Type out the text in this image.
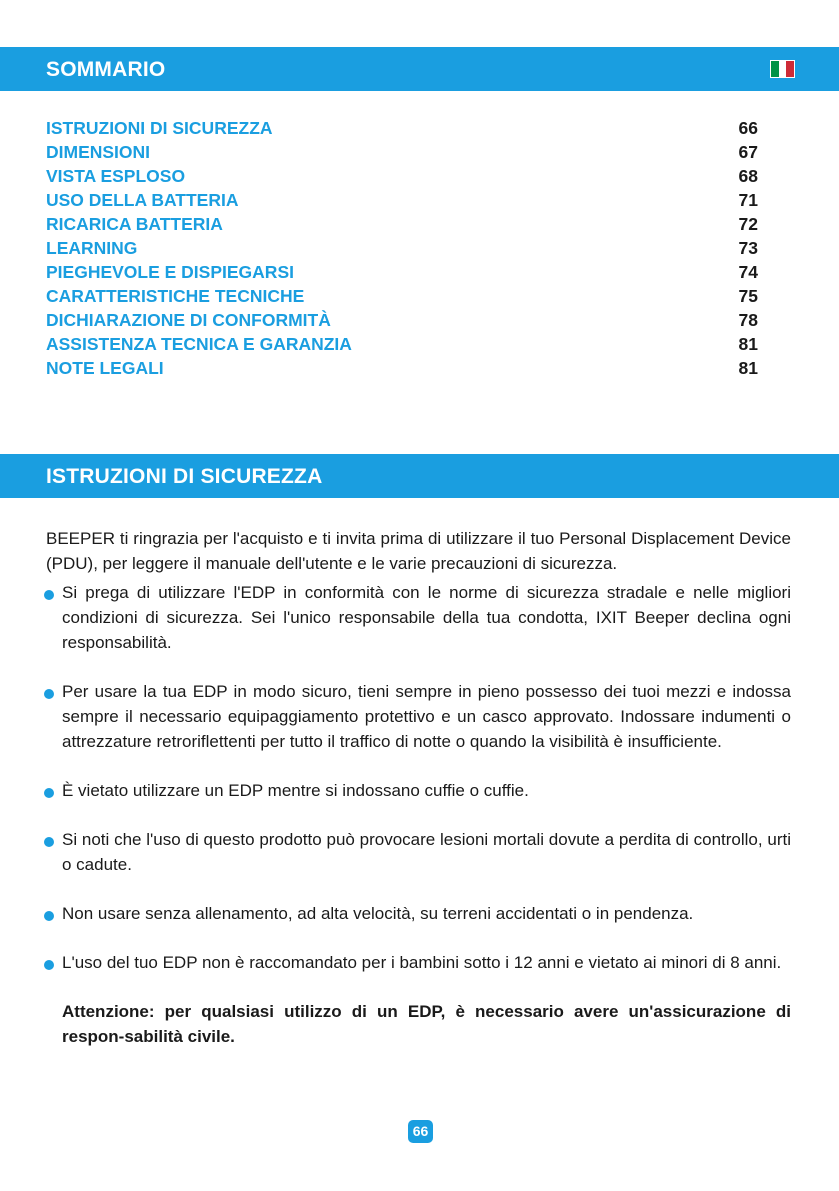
SOMMARIO
ISTRUZIONI DI SICUREZZA	66
DIMENSIONI	67
VISTA ESPLOSO	68
USO DELLA BATTERIA	71
RICARICA BATTERIA	72
LEARNING	73
PIEGHEVOLE E DISPIEGARSI	74
CARATTERISTICHE TECNICHE	75
DICHIARAZIONE DI CONFORMITÀ	78
ASSISTENZA TECNICA E GARANZIA	81
NOTE LEGALI	81
ISTRUZIONI DI SICUREZZA

BEEPER ti ringrazia per l'acquisto e ti invita prima di utilizzare il tuo Personal Displacement Device (PDU), per leggere il manuale dell'utente e le varie precauzioni di sicurezza.

Si prega di utilizzare l'EDP in conformità con le norme di sicurezza stradale e nelle migliori condizioni di sicurezza. Sei l'unico responsabile della tua condotta, IXIT Beeper declina ogni responsabilità.
Per usare la tua EDP in modo sicuro, tieni sempre in pieno possesso dei tuoi mezzi e indossa sempre il necessario equipaggiamento protettivo e un casco approvato. Indossare indumenti o attrezzature retroriflettenti per tutto il traffico di notte o quando la visibilità è insufficiente.
È vietato utilizzare un EDP mentre si indossano cuffie o cuffie.
Si noti che l'uso di questo prodotto può provocare lesioni mortali dovute a perdita di controllo, urti o cadute.
Non usare senza allenamento, ad alta velocità, su terreni accidentati o in pendenza.
L'uso del tuo EDP non è raccomandato per i bambini sotto i 12 anni e vietato ai minori di 8 anni.
Attenzione: per qualsiasi utilizzo di un EDP, è necessario avere un'assicurazione di respon-sabilità civile.
66
